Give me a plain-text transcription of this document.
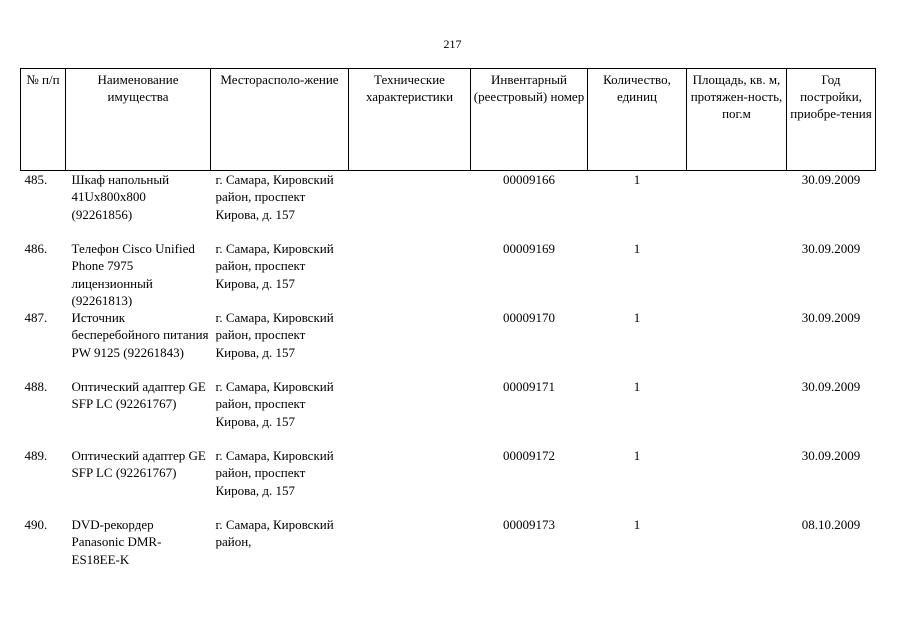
217
№ п/п	Наименование имущества	Месторасполо-жение	Технические характеристики	Инвентарный (реестровый) номер	Количество, единиц	Площадь, кв. м, протяжен-ность, пог.м	Год постройки, приобре-тения
485.	Шкаф напольный 41Ux800x800 (92261856)	г. Самара, Кировский район, проспект Кирова, д. 157		00009166	1		30.09.2009
486.	Телефон Cisco Unified Phone 7975 лицензионный (92261813)	г. Самара, Кировский район, проспект Кирова, д. 157		00009169	1		30.09.2009
487.	Источник бесперебойного питания PW 9125 (92261843)	г. Самара, Кировский район, проспект Кирова, д. 157		00009170	1		30.09.2009
488.	Оптический адаптер GE SFP LC (92261767)	г. Самара, Кировский район, проспект Кирова, д. 157		00009171	1		30.09.2009
489.	Оптический адаптер GE SFP LC (92261767)	г. Самара, Кировский район, проспект Кирова, д. 157		00009172	1		30.09.2009
490.	DVD-рекордер Panasonic DMR-ES18EE-K	г. Самара, Кировский район,		00009173	1		08.10.2009
